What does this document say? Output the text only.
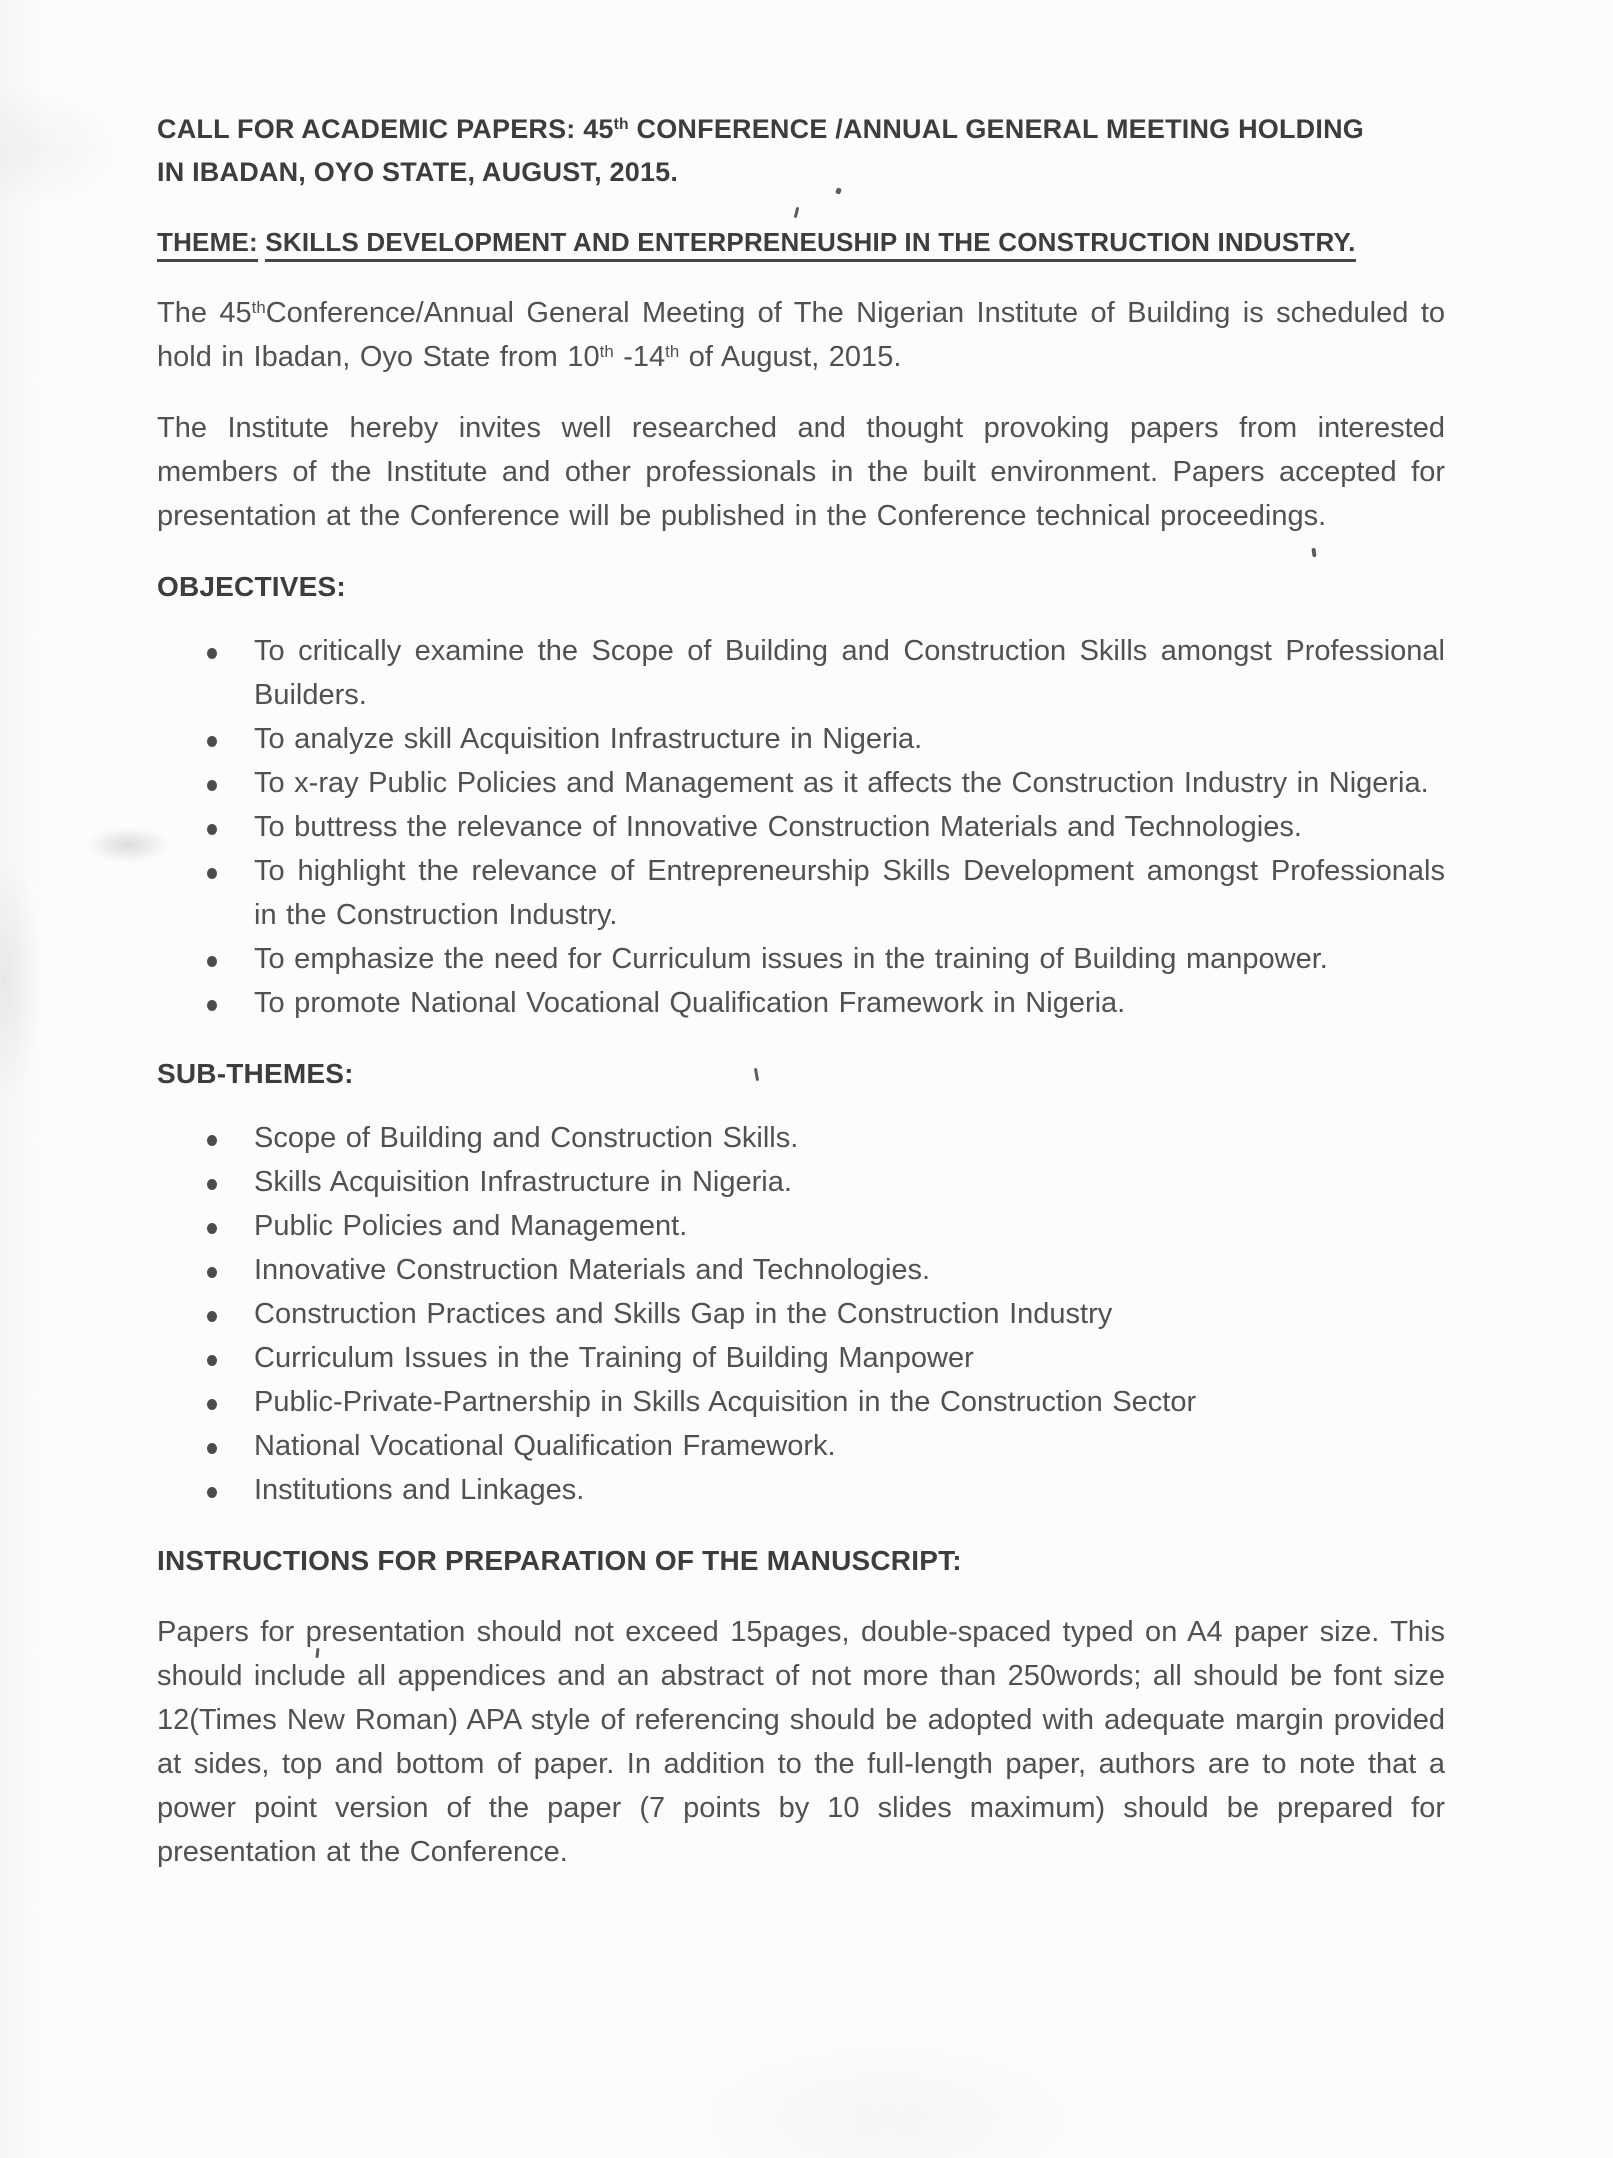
CALL FOR ACADEMIC PAPERS: 45th CONFERENCE /ANNUAL GENERAL MEETING HOLDING
IN IBADAN, OYO STATE, AUGUST, 2015.

THEME: SKILLS DEVELOPMENT AND ENTERPRENEUSHIP IN THE CONSTRUCTION INDUSTRY.

The 45thConference/Annual General Meeting of The Nigerian Institute of Building is scheduled to hold in Ibadan, Oyo State from 10th -14th of August, 2015.

The Institute hereby invites well researched and thought provoking papers from interested members of the Institute and other professionals in the built environment. Papers accepted for presentation at the Conference will be published in the Conference technical proceedings.

OBJECTIVES:
To critically examine the Scope of Building and Construction Skills amongst Professional Builders.
To analyze skill Acquisition Infrastructure in Nigeria.
To x-ray Public Policies and Management as it affects the Construction Industry in Nigeria.
To buttress the relevance of Innovative Construction Materials and Technologies.
To highlight the relevance of Entrepreneurship Skills Development amongst Professionals in the Construction Industry.
To emphasize the need for Curriculum issues in the training of Building manpower.
To promote National Vocational Qualification Framework in Nigeria.
SUB-THEMES:
Scope of Building and Construction Skills.
Skills Acquisition Infrastructure in Nigeria.
Public Policies and Management.
Innovative Construction Materials and Technologies.
Construction Practices and Skills Gap in the Construction Industry
Curriculum Issues in the Training of Building Manpower
Public-Private-Partnership in Skills Acquisition in the Construction Sector
National Vocational Qualification Framework.
Institutions and Linkages.
INSTRUCTIONS FOR PREPARATION OF THE MANUSCRIPT:

Papers for presentation should not exceed 15pages, double-spaced typed on A4 paper size. This should include all appendices and an abstract of not more than 250words; all should be font size 12(Times New Roman) APA style of referencing should be adopted with adequate margin provided at sides, top and bottom of paper. In addition to the full-length paper, authors are to note that a power point version of the paper (7 points by 10 slides maximum) should be prepared for presentation at the Conference.
